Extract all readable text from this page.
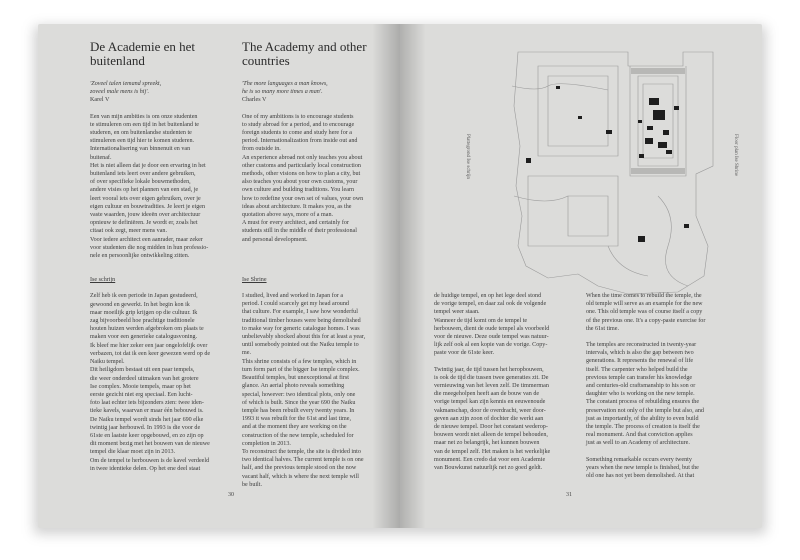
De Academie en het buitenland

'Zoveel talen iemand spreekt,

zoveel male mens is hij'.

Karel V

Een van mijn ambities is om onze studenten

te stimuleren om een tijd in het buitenland te

studeren, en om buitenlandse studenten te

stimuleren een tijd hier te komen studeren.

Internationalisering van binnenuit en van

buitenaf.

Het is niet alleen dat je door een ervaring in het

buitenland iets leert over andere gebruiken,

of over specifieke lokale bouwmethoden,

andere visies op het plannen van een stad, je

leert vooral iets over eigen gebruiken, over je

eigen cultuur en bouwtradities. Je leert je eigen

vaste waarden, jouw ideeën over architectuur

opnieuw te definiëren. Je wordt er, zoals het

citaat ook zegt, meer mens van.

Voor iedere architect een aanrader, maar zeker

voor studenten die nog midden in hun professio-

nele en persoonlijke ontwikkeling zitten.

Ise schrijn

Zelf heb ik een periode in Japan gestudeerd,

gewoond en gewerkt. In het begin kon ik

maar moeilijk grip krijgen op die cultuur. Ik

zag bijvoorbeeld hoe prachtige traditionele

houten huizen werden afgebroken om plaats te

maken voor een generieke catalogusvoning.

Ik bleef me hier zeker een jaar ongelofelijk over

verbazen, tot dat ik een keer gewezen werd op de

Naiku tempel.

Dit heiligdom bestaat uit een paar tempels,

die weer onderdeel uitmaken van het grotere

Ise complex. Mooie tempels, maar op het

eerste gezicht niet erg speciaal. Een lucht-

foto laat echter iets bijzonders zien: twee iden-

tieke kavels, waarvan er maar één bebouwd is.

De Naiku tempel wordt sinds het jaar 690 elke

twintig jaar herbouwd. In 1993 is die voor de

61ste en laatste keer opgebouwd, en zo zijn op

dit moment bezig met het bouwen van de nieuwe

tempel die klaar moet zijn in 2013.

Om de tempel te herbouwen is de kavel verdeeld

in twee identieke delen. Op het ene deel staat

The Academy and other countries

'The more languages a man knows,

he is so many more times a man'.

Charles V

One of my ambitions is to encourage students

to study abroad for a period, and to encourage

foreign students to come and study here for a

period. Internationalization from inside out and

from outside in.

An experience abroad not only teaches you about

other customs and particularly local construction

methods, other visions on how to plan a city, but

also teaches you about your own customs, your

own culture and building traditions. You learn

how to redefine your own set of values, your own

ideas about architecture. It makes you, as the

quotation above says, more of a man.

A must for every architect, and certainly for

students still in the middle of their professional

and personal development.

Ise Shrine

I studied, lived and worked in Japan for a

period. I could scarcely get my head around

that culture. For example, I saw how wonderful

traditional timber houses were being demolished

to make way for generic catalogue homes. I was

unbelievably shocked about this for at least a year,

until somebody pointed out the Naiku temple to

me.

This shrine consists of a few temples, which in

turn form part of the bigger Ise temple complex.

Beautiful temples, but unexceptional at first

glance. An aerial photo reveals something

special, however: two identical plots, only one

of which is built. Since the year 690 the Naiku

temple has been rebuilt every twenty years. In

1993 it was rebuilt for the 61st and last time,

and at the moment they are working on the

construction of the new temple, scheduled for

completion in 2013.

To reconstruct the temple, the site is divided into

two identical halves. The current temple is on one

half, and the previous temple stood on the now

vacant half, which is where the next temple will

be built.

30
Plattegrond Ise schrijn	Floor plan Ise Shrine

de huidige tempel, en op het lege deel stond

de vorige tempel, en daar zal ook de volgende

tempel weer staan.

Wanneer de tijd komt om de tempel te

herbouwen, dient de oude tempel als voorbeeld

voor de nieuwe. Deze oude tempel was natuur-

lijk zelf ook al een kopie van de vorige. Copy-

paste voor de 61ste keer.

Twintig jaar, de tijd tussen het heropbouwen,

is ook de tijd die tussen twee generaties zit. De

vernieuwing van het leven zelf. De timmerman

die meegeholpen heeft aan de bouw van de

vorige tempel kan zijn kennis en eeuwenoude

vakmanschap, door de overdracht, weer door-

geven aan zijn zoon of dochter die werkt aan

de nieuwe tempel. Door het constant wederop-

bouwen wordt niet alleen de tempel behouden,

maar net zo belangrijk, het kunnen bouwen

van de tempel zelf. Het maken is het werkelijke

monument. Een credo dat voor een Academie

van Bouwkunst natuurlijk net zo goed geldt.

When the time comes to rebuild the temple, the

old temple will serve as an example for the new

one. This old temple was of course itself a copy

of the previous one. It's a copy-paste exercise for

the 61st time.

The temples are reconstructed in twenty-year

intervals, which is also the gap between two

generations. It represents the renewal of life

itself. The carpenter who helped build the

previous temple can transfer his knowledge

and centuries-old craftsmanship to his son or

daughter who is working on the new temple.

The constant process of rebuilding ensures the

preservation not only of the temple but also, and

just as importantly, of the ability to even build

the temple. The process of creation is itself the

real monument. And that conviction applies

just as well to an Academy of architecture.

Something remarkable occurs every twenty

years when the new temple is finished, but the

old one has not yet been demolished. At that

31
